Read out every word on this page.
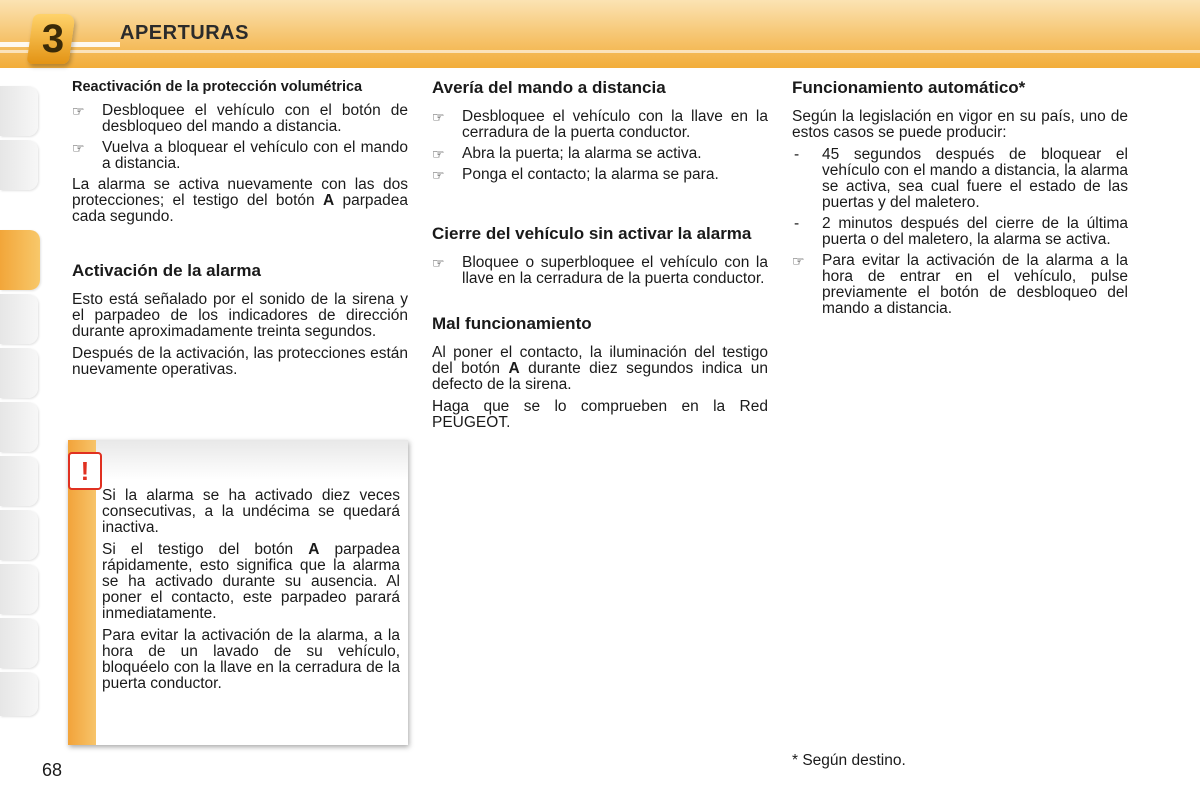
3	APERTURAS
Reactivación de la protección volumétrica
☞ Desbloquee el vehículo con el botón de desbloqueo del mando a distancia.
☞ Vuelva a bloquear el vehículo con el mando a distancia.

La alarma se activa nuevamente con las dos protecciones; el testigo del botón A parpadea cada segundo.

Activación de la alarma

Esto está señalado por el sonido de la sirena y el parpadeo de los indicadores de dirección durante aproximadamente treinta segundos.

Después de la activación, las protecciones están nuevamente operativas.

!

Si la alarma se ha activado diez veces consecutivas, a la undécima se quedará inactiva.

Si el testigo del botón A parpadea rápidamente, esto significa que la alarma se ha activado durante su ausencia. Al poner el contacto, este parpadeo parará inmediatamente.

Para evitar la activación de la alarma, a la hora de un lavado de su vehículo, bloquéelo con la llave en la cerradura de la puerta conductor.

Avería del mando a distancia
☞ Desbloquee el vehículo con la llave en la cerradura de la puerta conductor.
☞ Abra la puerta; la alarma se activa.
☞ Ponga el contacto; la alarma se para.
Cierre del vehículo sin activar la alarma
☞ Bloquee o superbloquee el vehículo con la llave en la cerradura de la puerta conductor.
Mal funcionamiento

Al poner el contacto, la iluminación del testigo del botón A durante diez segundos indica un defecto de la sirena.

Haga que se lo comprueben en la Red PEUGEOT.

Funcionamiento automático*

Según la legislación en vigor en su país, uno de estos casos se puede producir:

- 45 segundos después de bloquear el vehículo con el mando a distancia, la alarma se activa, sea cual fuere el estado de las puertas y del maletero.
- 2 minutos después del cierre de la última puerta o del maletero, la alarma se activa.
☞ Para evitar la activación de la alarma a la hora de entrar en el vehículo, pulse previamente el botón de desbloqueo del mando a distancia.
* Según destino.
68
